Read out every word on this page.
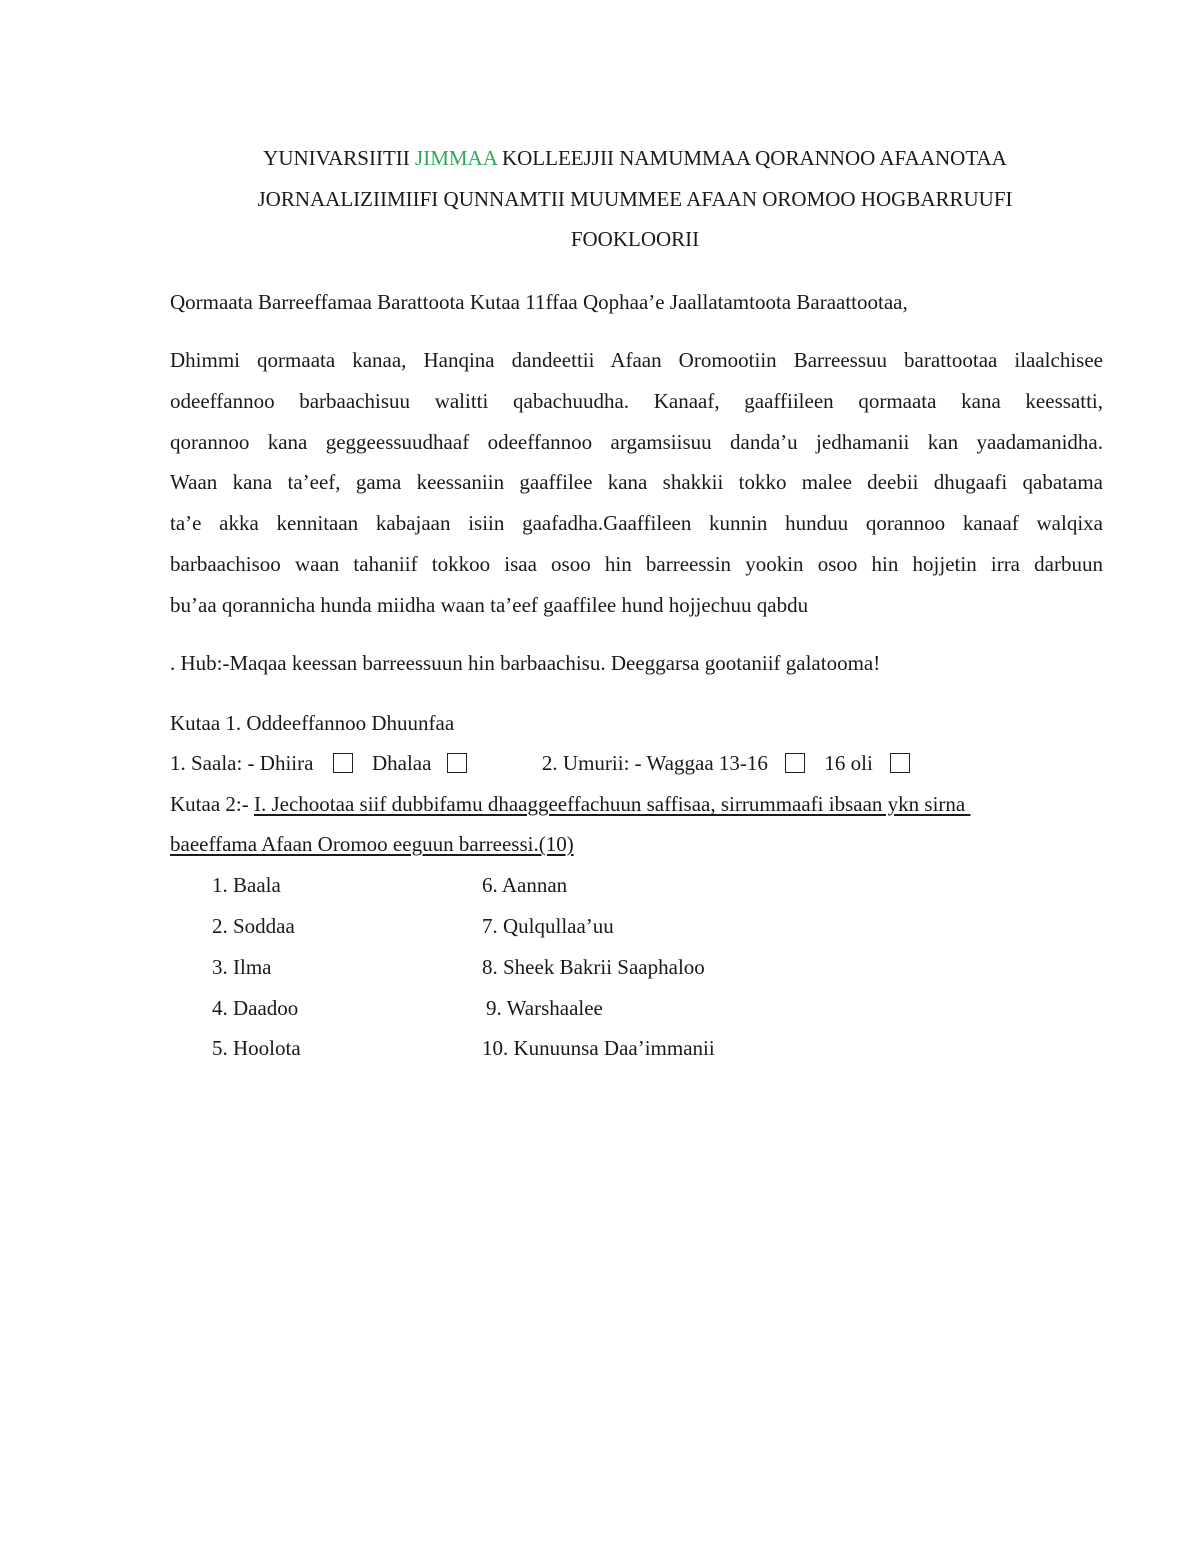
YUNIVARSIITII JIMMAA KOLLEEJJII NAMUMMAA QORANNOO AFAANOTAA
JORNAALIZIIMIIFI QUNNAMTII MUUMMEE AFAAN OROMOO HOGBARRUUFI
FOOKLOORII
Qormaata Barreeffamaa Barattoota Kutaa 11ffaa Qophaa’e Jaallatamtoota Baraattootaa,
Dhimmi qormaata kanaa, Hanqina dandeettii Afaan Oromootiin Barreessuu barattootaa ilaalchisee
odeeffannoo barbaachisuu walitti qabachuudha. Kanaaf, gaaffiileen qormaata kana keessatti,
qorannoo kana geggeessuudhaaf odeeffannoo argamsiisuu danda’u jedhamanii kan yaadamanidha.
Waan kana ta’eef, gama keessaniin gaaffilee kana shakkii tokko malee deebii dhugaafi qabatama
ta’e akka kennitaan kabajaan isiin gaafadha.Gaaffileen kunnin hunduu qorannoo kanaaf walqixa
barbaachisoo waan tahaniif tokkoo isaa osoo hin barreessin yookin osoo hin hojjetin irra darbuun
bu’aa qorannicha hunda miidha waan ta’eef gaaffilee hund hojjechuu qabdu
. Hub:-Maqaa keessan barreessuun hin barbaachisu. Deeggarsa gootaniif galatooma!
Kutaa 1. Oddeeffannoo Dhuunfaa
1. Saala: - Dhiira	Dhalaa	2. Umurii: - Waggaa 13-16	16 oli
Kutaa 2:- I. Jechootaa siif dubbifamu dhaaggeeffachuun saffisaa, sirrummaafi ibsaan ykn sirna
baeeffama Afaan Oromoo eeguun barreessi.(10)
1. Baala
2. Soddaa
3. Ilma
4. Daadoo
5. Hoolota
6. Aannan
7. Qulqullaa’uu
8. Sheek Bakrii Saaphaloo
9. Warshaalee
10. Kunuunsa Daa’immanii
